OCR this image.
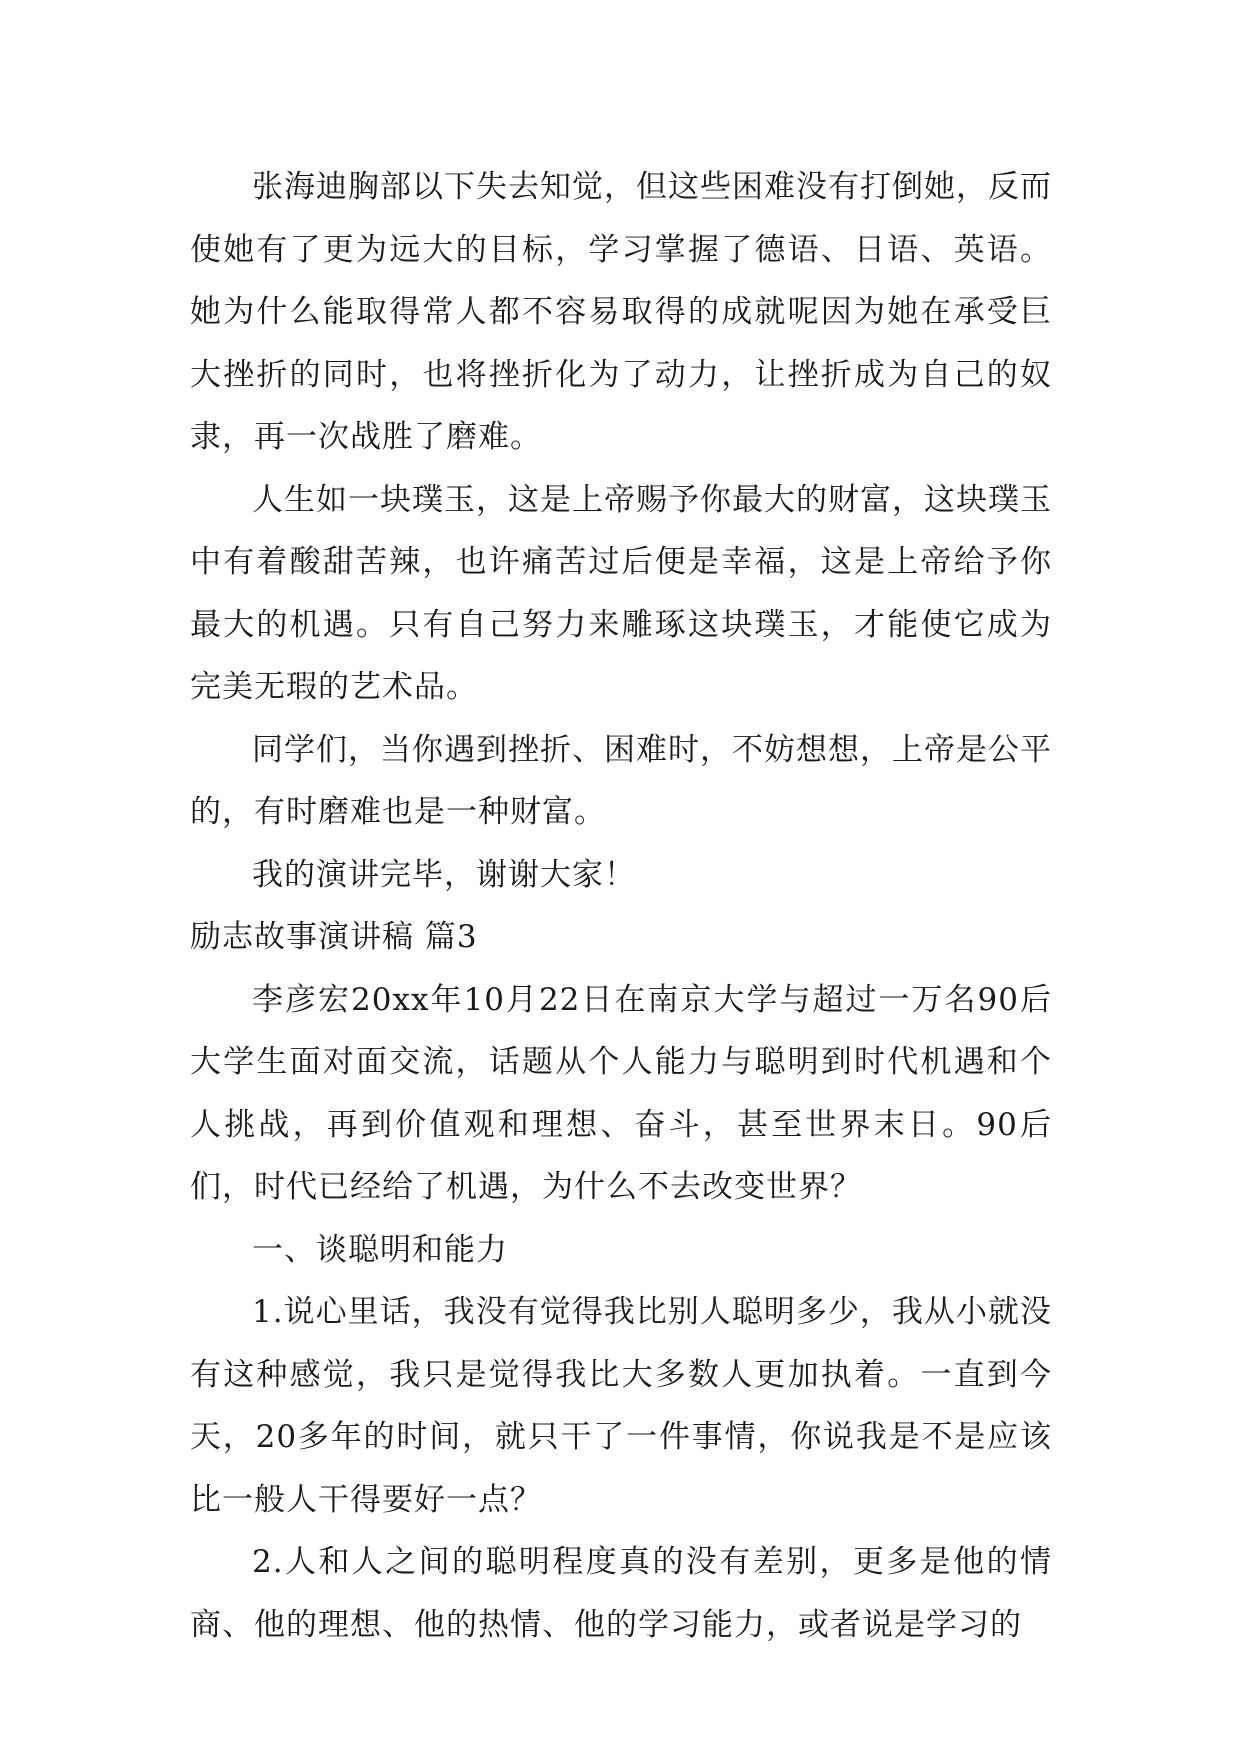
张海迪胸部以下失去知觉，但这些困难没有打倒她，反而使她有了更为远大的目标，学习掌握了德语、日语、英语。她为什么能取得常人都不容易取得的成就呢因为她在承受巨大挫折的同时，也将挫折化为了动力，让挫折成为自己的奴隶，再一次战胜了磨难。

人生如一块璞玉，这是上帝赐予你最大的财富，这块璞玉中有着酸甜苦辣，也许痛苦过后便是幸福，这是上帝给予你最大的机遇。只有自己努力来雕琢这块璞玉，才能使它成为完美无瑕的艺术品。

同学们，当你遇到挫折、困难时，不妨想想，上帝是公平的，有时磨难也是一种财富。

我的演讲完毕，谢谢大家！

励志故事演讲稿 篇3

李彦宏20xx年10月22日在南京大学与超过一万名90后大学生面对面交流，话题从个人能力与聪明到时代机遇和个人挑战，再到价值观和理想、奋斗，甚至世界末日。90后们，时代已经给了机遇，为什么不去改变世界？

一、谈聪明和能力

1.说心里话，我没有觉得我比别人聪明多少，我从小就没有这种感觉，我只是觉得我比大多数人更加执着。一直到今天，20多年的时间，就只干了一件事情，你说我是不是应该比一般人干得要好一点？

2.人和人之间的聪明程度真的没有差别，更多是他的情商、他的理想、他的热情、他的学习能力，或者说是学习的
